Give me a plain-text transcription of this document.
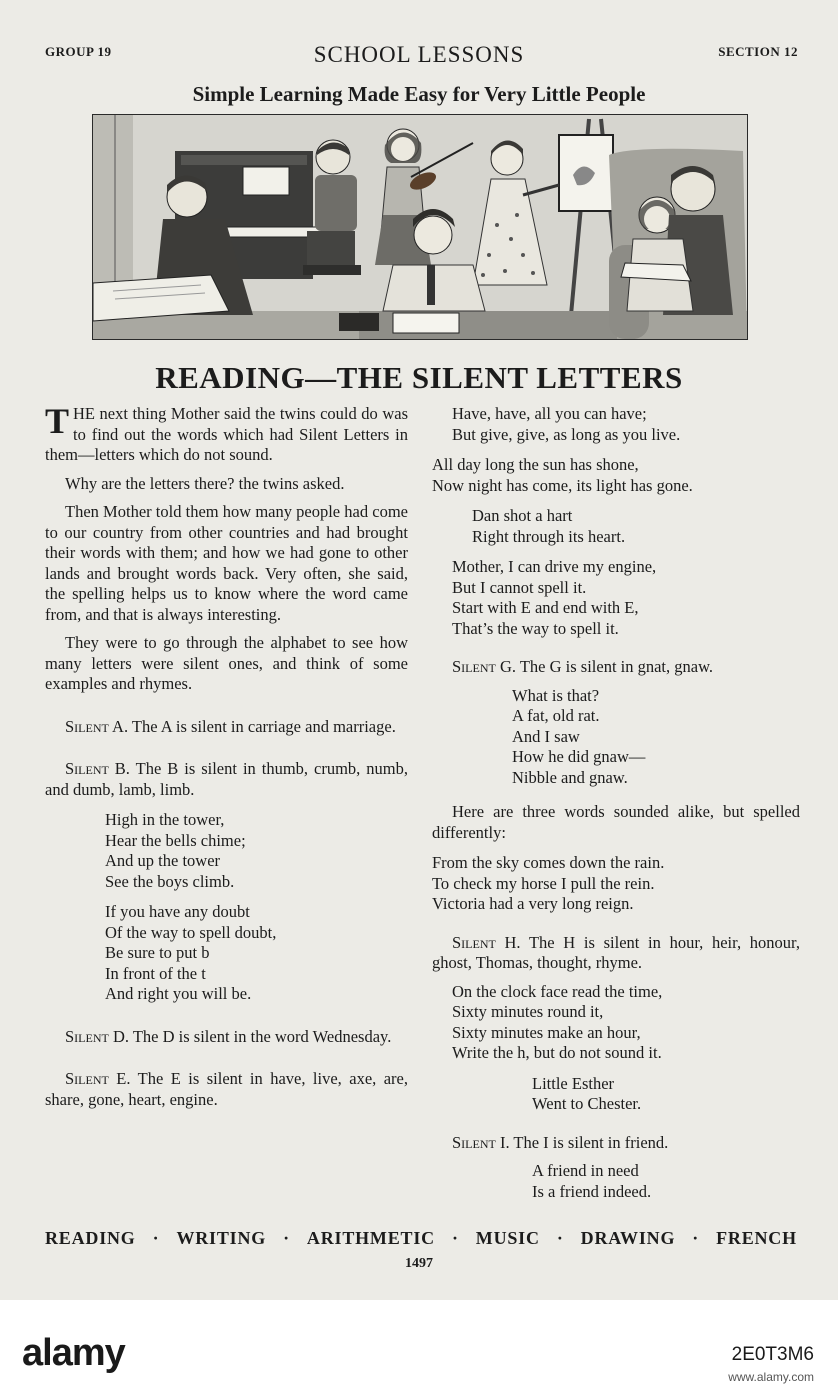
GROUP 19	SCHOOL LESSONS	SECTION 12
Simple Learning Made Easy for Very Little People
READING—THE SILENT LETTERS

THE next thing Mother said the twins could do was to find out the words which had Silent Letters in them—letters which do not sound.

Why are the letters there? the twins asked.

Then Mother told them how many people had come to our country from other countries and had brought their words with them; and how we had gone to other lands and brought words back. Very often, she said, the spelling helps us to know where the word came from, and that is always interesting.

They were to go through the alphabet to see how many letters were silent ones, and think of some examples and rhymes.

Silent A. The A is silent in carriage and marriage.

Silent B. The B is silent in thumb, crumb, numb, and dumb, lamb, limb.

High in the tower,
Hear the bells chime;
And up the tower
See the boys climb.
If you have any doubt
Of the way to spell doubt,
Be sure to put b
In front of the t
And right you will be.

Silent D. The D is silent in the word Wednesday.

Silent E. The E is silent in have, live, axe, are, share, gone, heart, engine.

Have, have, all you can have;
But give, give, as long as you live.
All day long the sun has shone,
Now night has come, its light has gone.
Dan shot a hart
Right through its heart.
Mother, I can drive my engine,
But I cannot spell it.
Start with E and end with E,
That’s the way to spell it.

Silent G. The G is silent in gnat, gnaw.

What is that?
A fat, old rat.
And I saw
How he did gnaw—
Nibble and gnaw.

Here are three words sounded alike, but spelled differently:

From the sky comes down the rain.
To check my horse I pull the rein.
Victoria had a very long reign.

Silent H. The H is silent in hour, heir, honour, ghost, Thomas, thought, rhyme.

On the clock face read the time,
Sixty minutes round it,
Sixty minutes make an hour,
Write the h, but do not sound it.
Little Esther
Went to Chester.

Silent I. The I is silent in friend.

A friend in need
Is a friend indeed.
READING · WRITING · ARITHMETIC · MUSIC · DRAWING · FRENCH
1497
alamy	2E0T3M6
www.alamy.com
